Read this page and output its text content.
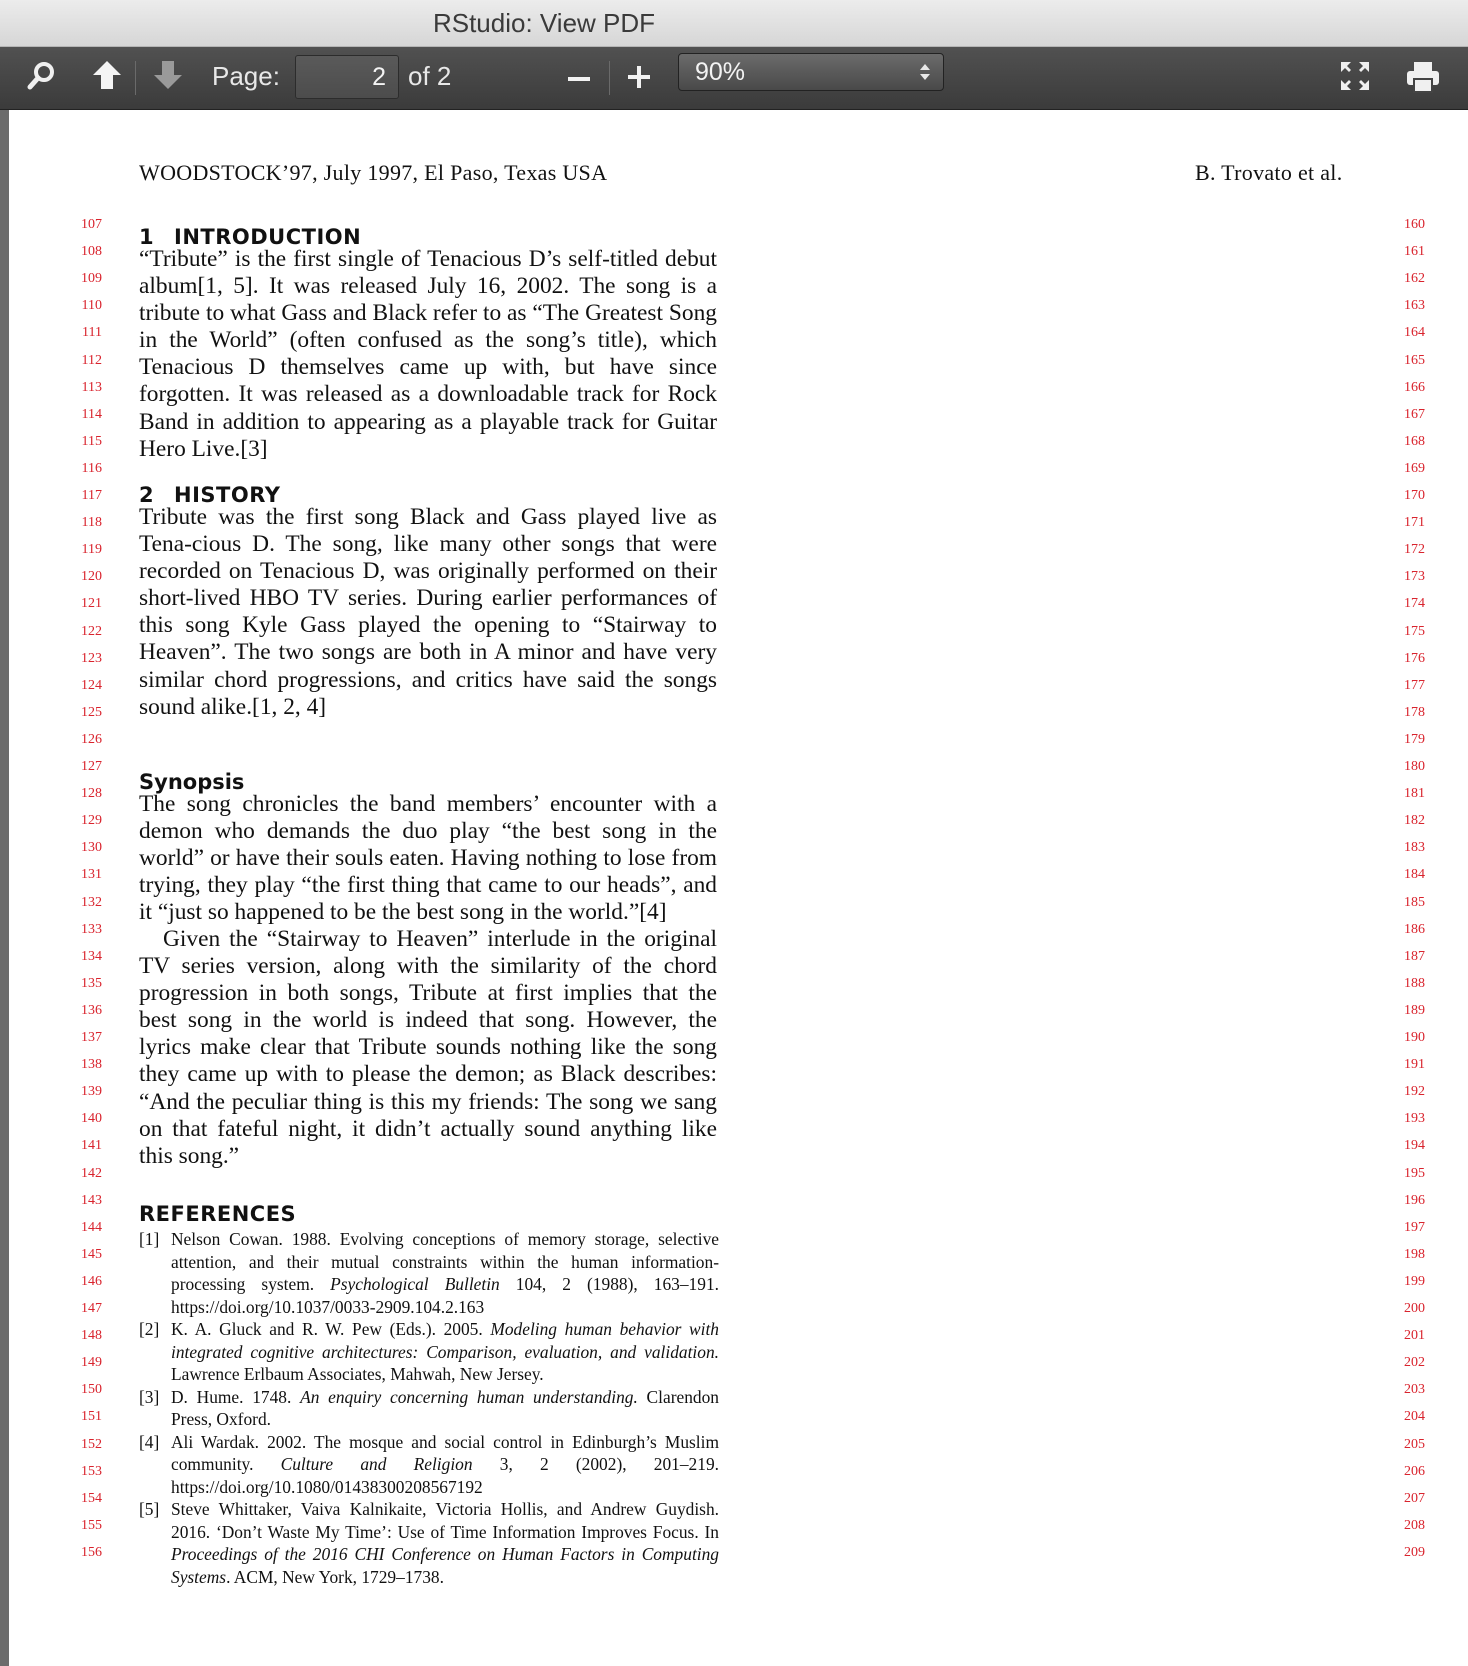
RStudio: View PDF
Page:
2	of 2	90%
WOODSTOCK’97, July 1997, El Paso, Texas USA	B. Trovato et al.
107
108
109
110
111
112
113
114
115
116
117
118
119
120
121
122
123
124
125
126
127
128
129
130
131
132
133
134
135
136
137
138
139
140
141
142
143
144
145
146
147
148
149
150
151
152
153
154
155
156
160
161
162
163
164
165
166
167
168
169
170
171
172
173
174
175
176
177
178
179
180
181
182
183
184
185
186
187
188
189
190
191
192
193
194
195
196
197
198
199
200
201
202
203
204
205
206
207
208
209
1 INTRODUCTION

“Tribute” is the first single of Tenacious D’s self-titled debut album[1, 5]. It was released July 16, 2002. The song is a tribute to what Gass and Black refer to as “The Greatest Song in the World” (often confused as the song’s title), which Tenacious D themselves came up with, but have since forgotten. It was released as a downloadable track for Rock Band in addition to appearing as a playable track for Guitar Hero Live.[3]

2 HISTORY

Tribute was the first song Black and Gass played live as Tena-cious D. The song, like many other songs that were recorded on Tenacious D, was originally performed on their short-lived HBO TV series. During earlier performances of this song Kyle Gass played the opening to “Stairway to Heaven”. The two songs are both in A minor and have very similar chord progressions, and critics have said the songs sound alike.[1, 2, 4]

Synopsis

The song chronicles the band members’ encounter with a demon who demands the duo play “the best song in the world” or have their souls eaten. Having nothing to lose from trying, they play “the first thing that came to our heads”, and it “just so happened to be the best song in the world.”[4]

Given the “Stairway to Heaven” interlude in the original TV series version, along with the similarity of the chord progression in both songs, Tribute at first implies that the best song in the world is indeed that song. However, the lyrics make clear that Tribute sounds nothing like the song they came up with to please the demon; as Black describes: “And the peculiar thing is this my friends: The song we sang on that fateful night, it didn’t actually sound anything like this song.”

REFERENCES

[1] Nelson Cowan. 1988. Evolving conceptions of memory storage, selective attention, and their mutual constraints within the human information-processing system. Psychological Bulletin 104, 2 (1988), 163–191. https://doi.org/10.1037/0033-2909.104.2.163

[2] K. A. Gluck and R. W. Pew (Eds.). 2005. Modeling human behavior with integrated cognitive architectures: Comparison, evaluation, and validation. Lawrence Erlbaum Associates, Mahwah, New Jersey.

[3] D. Hume. 1748. An enquiry concerning human understanding. Clarendon Press, Oxford.

[4] Ali Wardak. 2002. The mosque and social control in Edinburgh’s Muslim community. Culture and Religion 3, 2 (2002), 201–219. https://doi.org/10.1080/01438300208567192

[5] Steve Whittaker, Vaiva Kalnikaite, Victoria Hollis, and Andrew Guydish. 2016. ‘Don’t Waste My Time’: Use of Time Information Improves Focus. In Proceedings of the 2016 CHI Conference on Human Factors in Computing Systems. ACM, New York, 1729–1738.
